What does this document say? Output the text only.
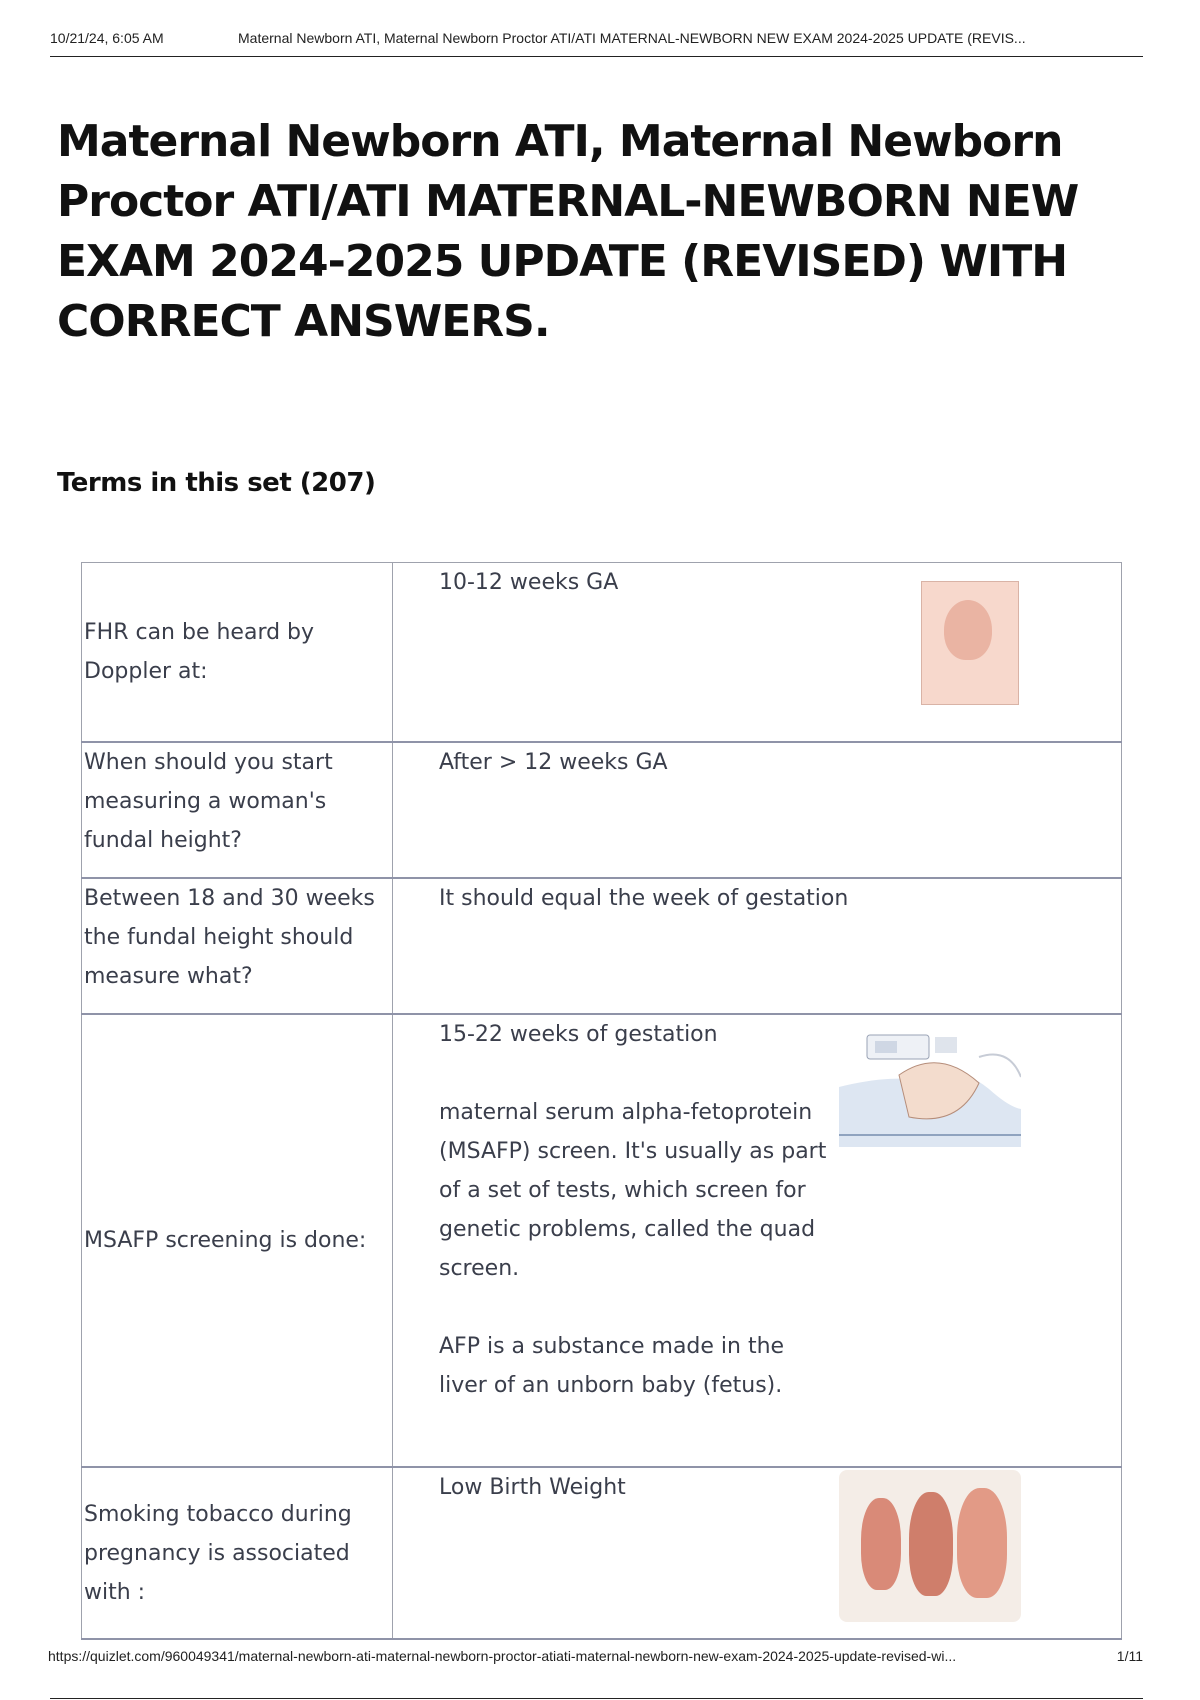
10/21/24, 6:05 AM	Maternal Newborn ATI, Maternal Newborn Proctor ATI/ATI MATERNAL-NEWBORN NEW EXAM 2024-2025 UPDATE (REVIS...
Maternal Newborn ATI, Maternal Newborn Proctor ATI/ATI MATERNAL-NEWBORN NEW EXAM 2024-2025 UPDATE (REVISED) WITH CORRECT ANSWERS.
Terms in this set (207)
FHR can be heard by Doppler at:	10-12 weeks GA

When should you start measuring a woman's fundal height?	After > 12 weeks GA

Between 18 and 30 weeks the fundal height should measure what?	It should equal the week of gestation

MSAFP screening is done:	15-22 weeks of gestation

maternal serum alpha-fetoprotein (MSAFP) screen. It's usually as part of a set of tests, which screen for genetic problems, called the quad screen.

AFP is a substance made in the liver of an unborn baby (fetus).

Smoking tobacco during pregnancy is associated with :	Low Birth Weight
https://quizlet.com/960049341/maternal-newborn-ati-maternal-newborn-proctor-atiati-maternal-newborn-new-exam-2024-2025-update-revised-wi...	1/11
